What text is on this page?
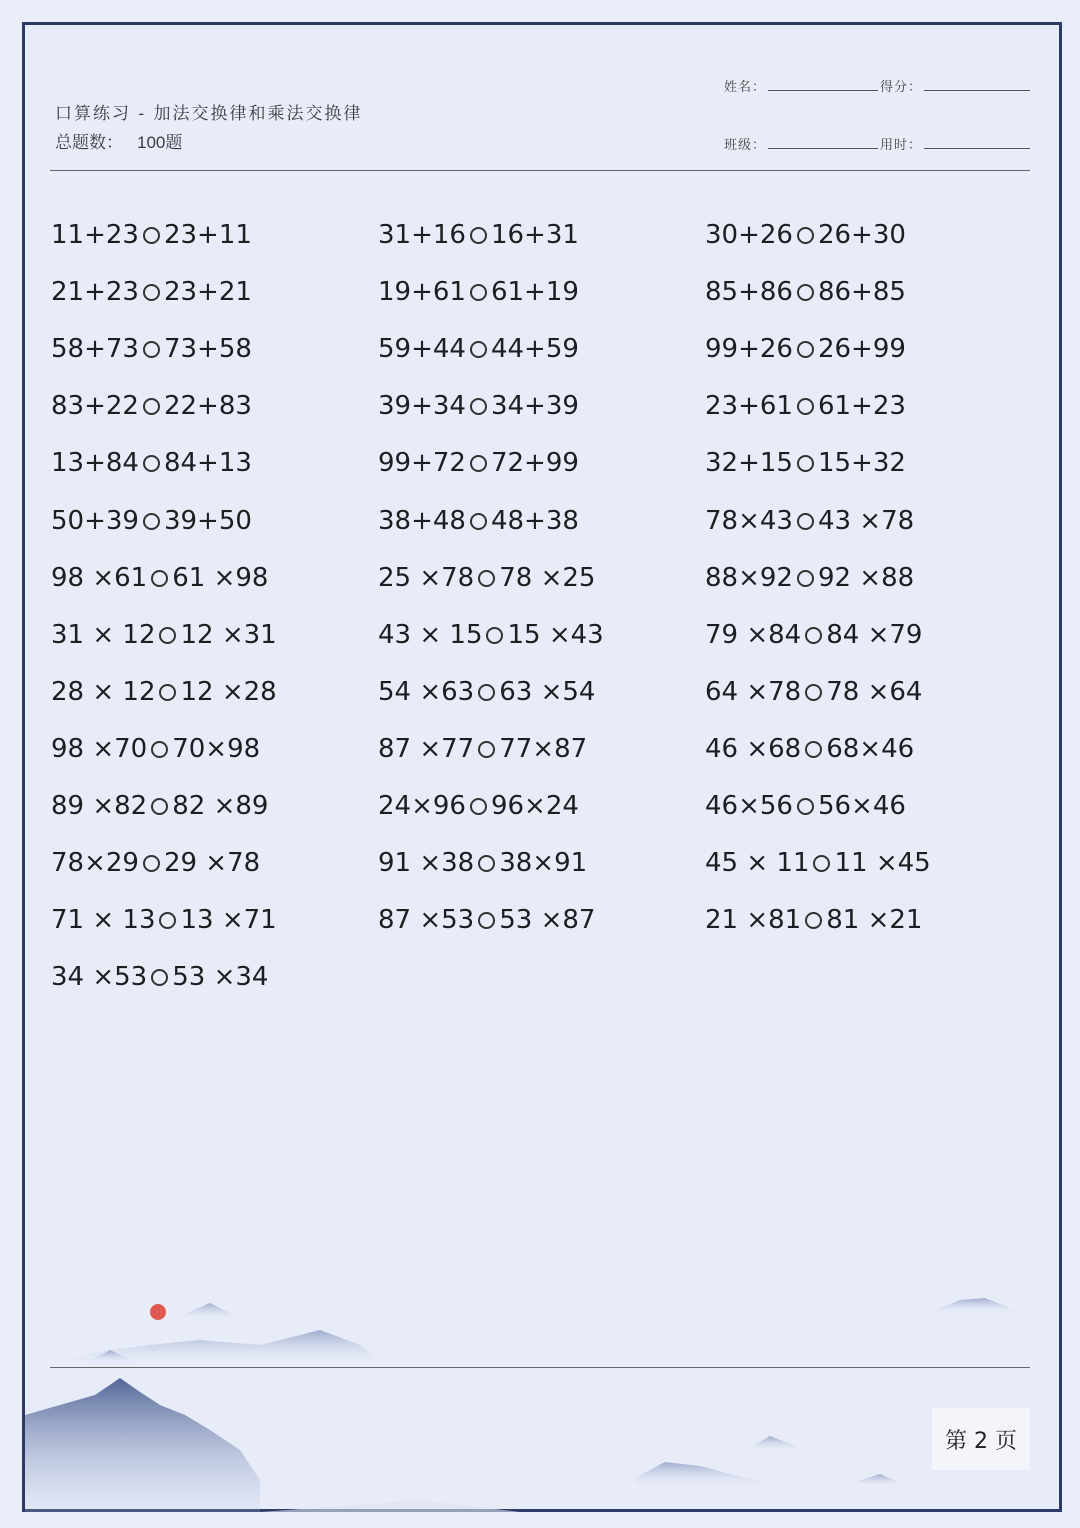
口算练习 - 加法交换律和乘法交换律
总题数： 100题
姓名：	得分：
班级：	用时：
11+23 23+11
21+23 23+21
58+73 73+58
83+22 22+83
13+84 84+13
50+39 39+50
98 ×61 61 ×98
31 × 12 12 ×31
28 × 12 12 ×28
98 ×70 70×98
89 ×82 82 ×89
78×29 29 ×78
71 × 13 13 ×71
34 ×53 53 ×34
31+16 16+31
19+61 61+19
59+44 44+59
39+34 34+39
99+72 72+99
38+48 48+38
25 ×78 78 ×25
43 × 15 15 ×43
54 ×63 63 ×54
87 ×77 77×87
24×96 96×24
91 ×38 38×91
87 ×53 53 ×87
30+26 26+30
85+86 86+85
99+26 26+99
23+61 61+23
32+15 15+32
78×43 43 ×78
88×92 92 ×88
79 ×84 84 ×79
64 ×78 78 ×64
46 ×68 68×46
46×56 56×46
45 × 11 11 ×45
21 ×81 81 ×21
第 2 页
